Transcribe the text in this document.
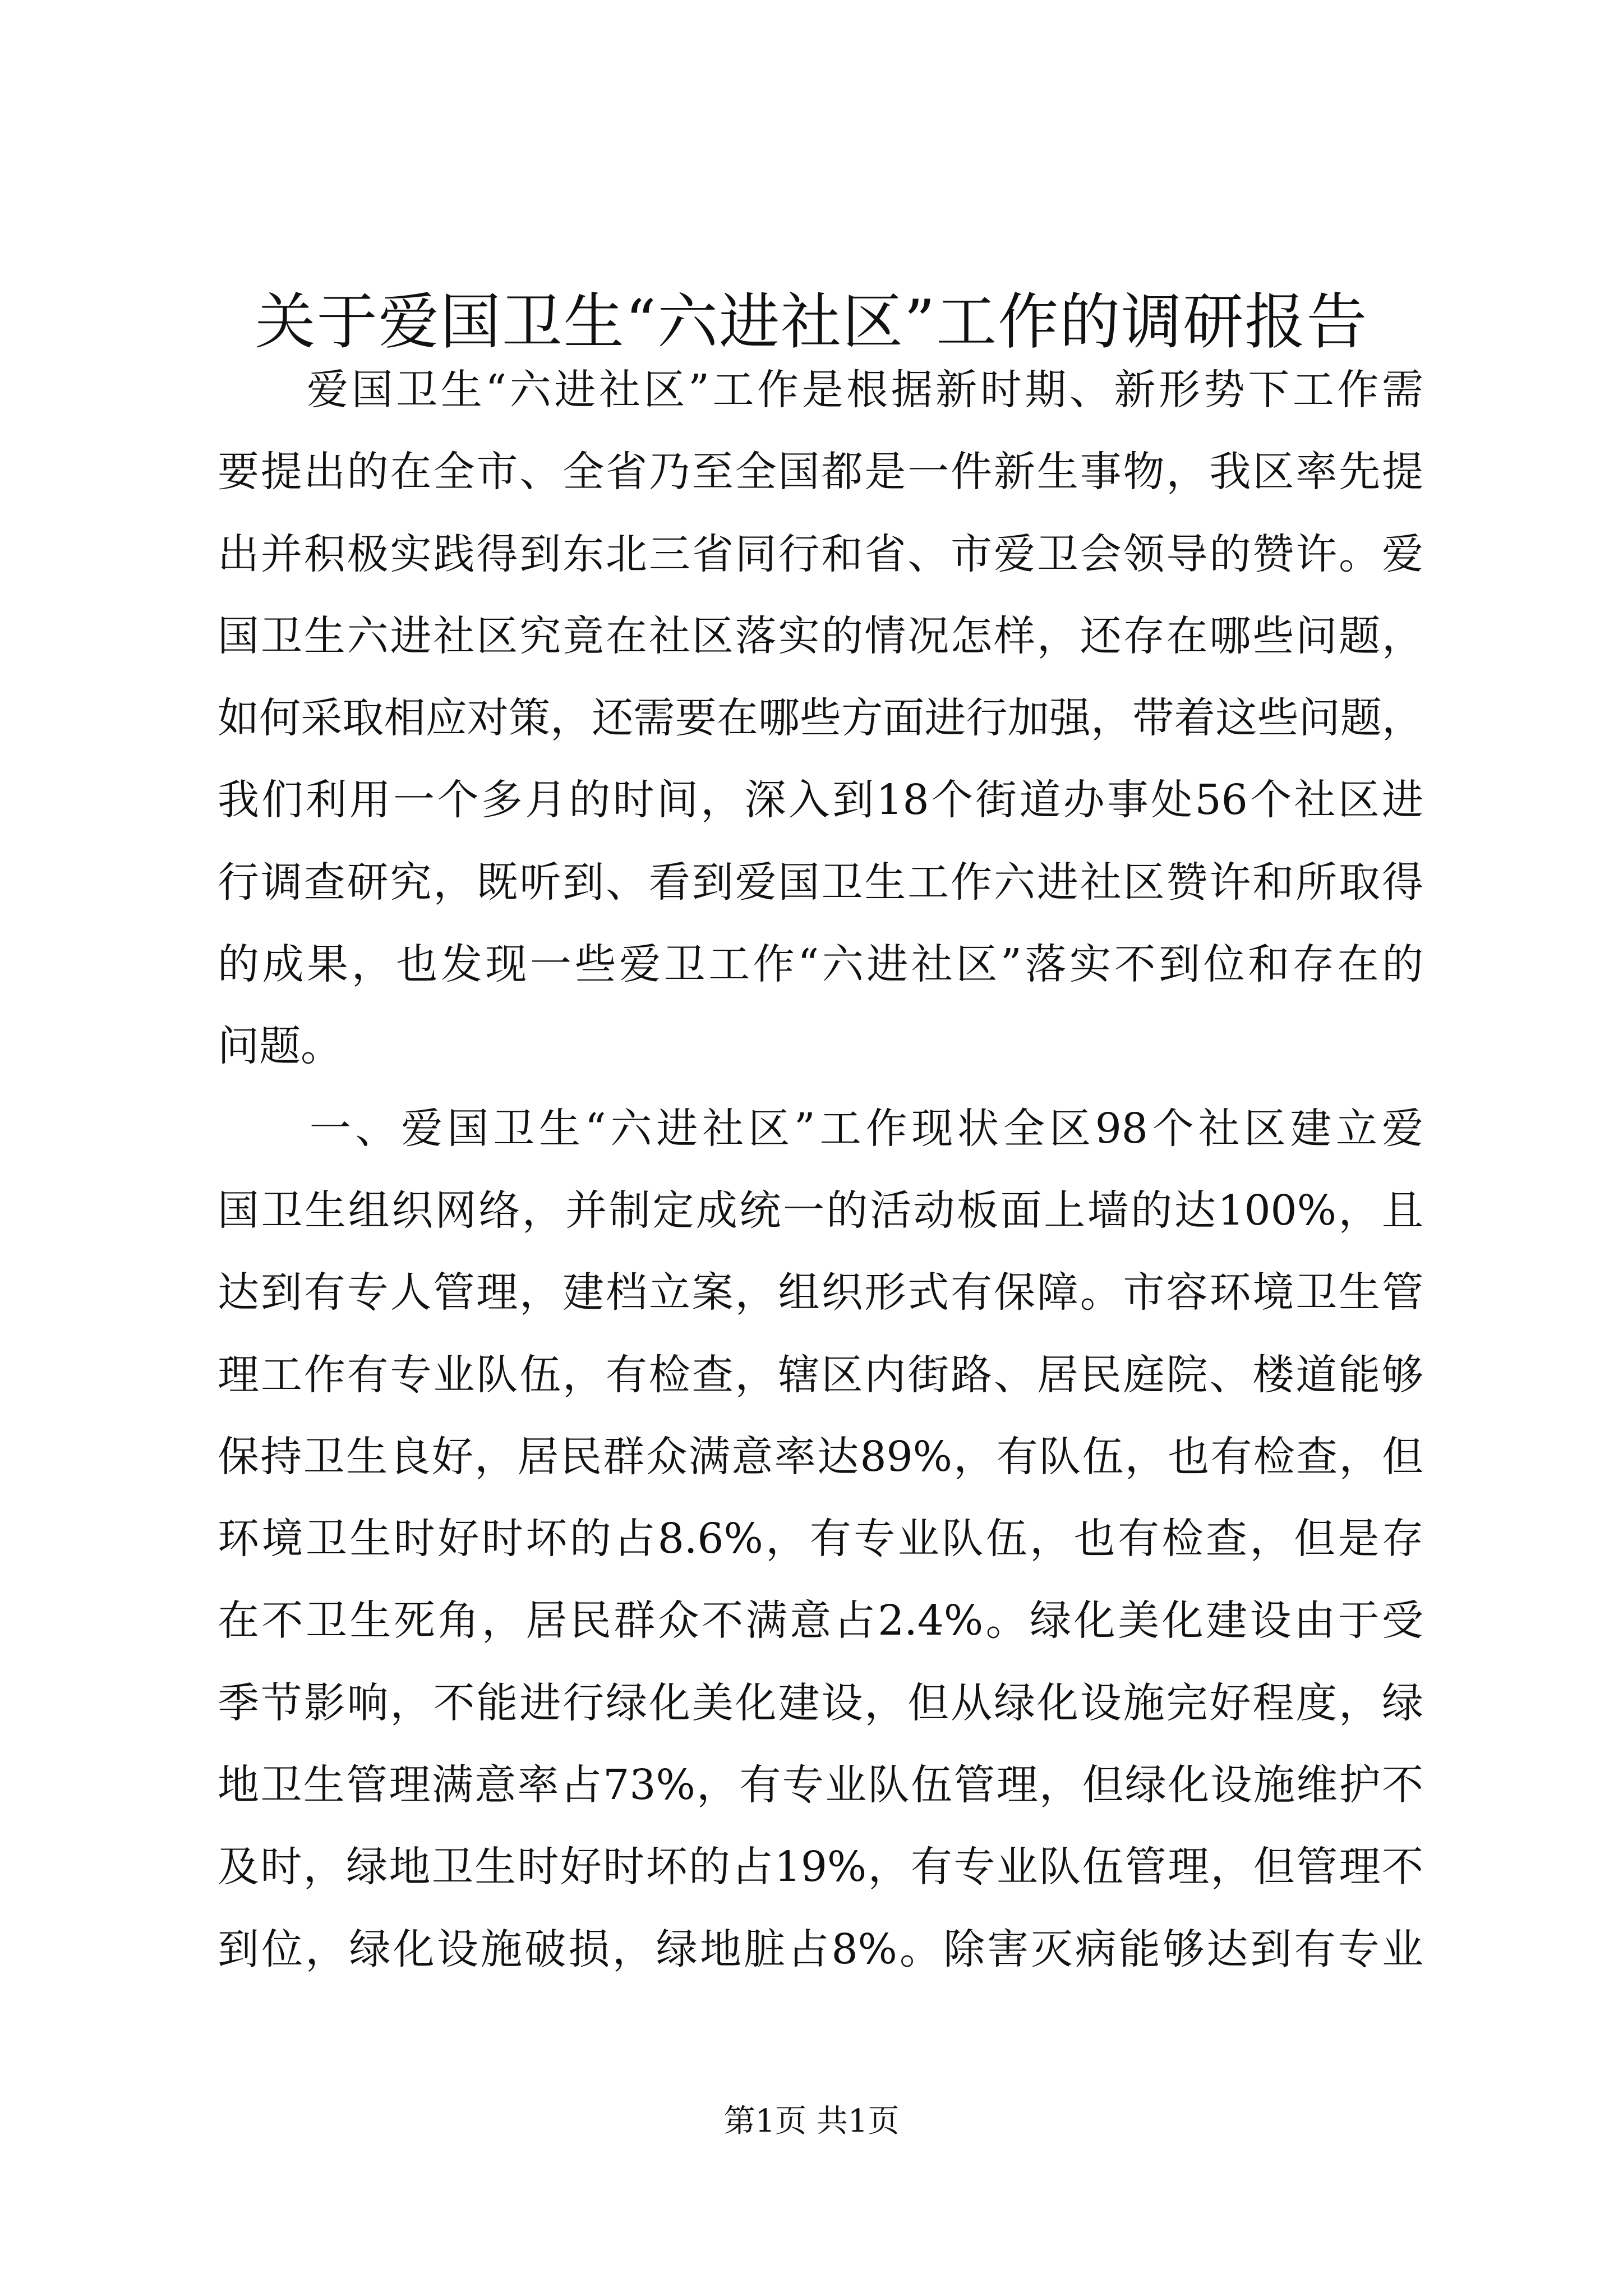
关于爱国卫生“六进社区”工作的调研报告
　　爱国卫生“六进社区”工作是根据新时期、新形势下工作需
要提出的在全市、全省乃至全国都是一件新生事物，我区率先提
出并积极实践得到东北三省同行和省、市爱卫会领导的赞许。爱
国卫生六进社区究竟在社区落实的情况怎样，还存在哪些问题，
如何采取相应对策，还需要在哪些方面进行加强，带着这些问题，
我们利用一个多月的时间，深入到18个街道办事处56个社区进
行调查研究，既听到、看到爱国卫生工作六进社区赞许和所取得
的成果，也发现一些爱卫工作“六进社区”落实不到位和存在的
问题。
　　一、爱国卫生“六进社区”工作现状全区98个社区建立爱
国卫生组织网络，并制定成统一的活动板面上墙的达100%，且
达到有专人管理，建档立案，组织形式有保障。市容环境卫生管
理工作有专业队伍，有检查，辖区内街路、居民庭院、楼道能够
保持卫生良好，居民群众满意率达89%，有队伍，也有检查，但
环境卫生时好时坏的占8.6%，有专业队伍，也有检查，但是存
在不卫生死角，居民群众不满意占2.4%。绿化美化建设由于受
季节影响，不能进行绿化美化建设，但从绿化设施完好程度，绿
地卫生管理满意率占73%，有专业队伍管理，但绿化设施维护不
及时，绿地卫生时好时坏的占19%，有专业队伍管理，但管理不
到位，绿化设施破损，绿地脏占8%。除害灭病能够达到有专业
第1页 共1页
